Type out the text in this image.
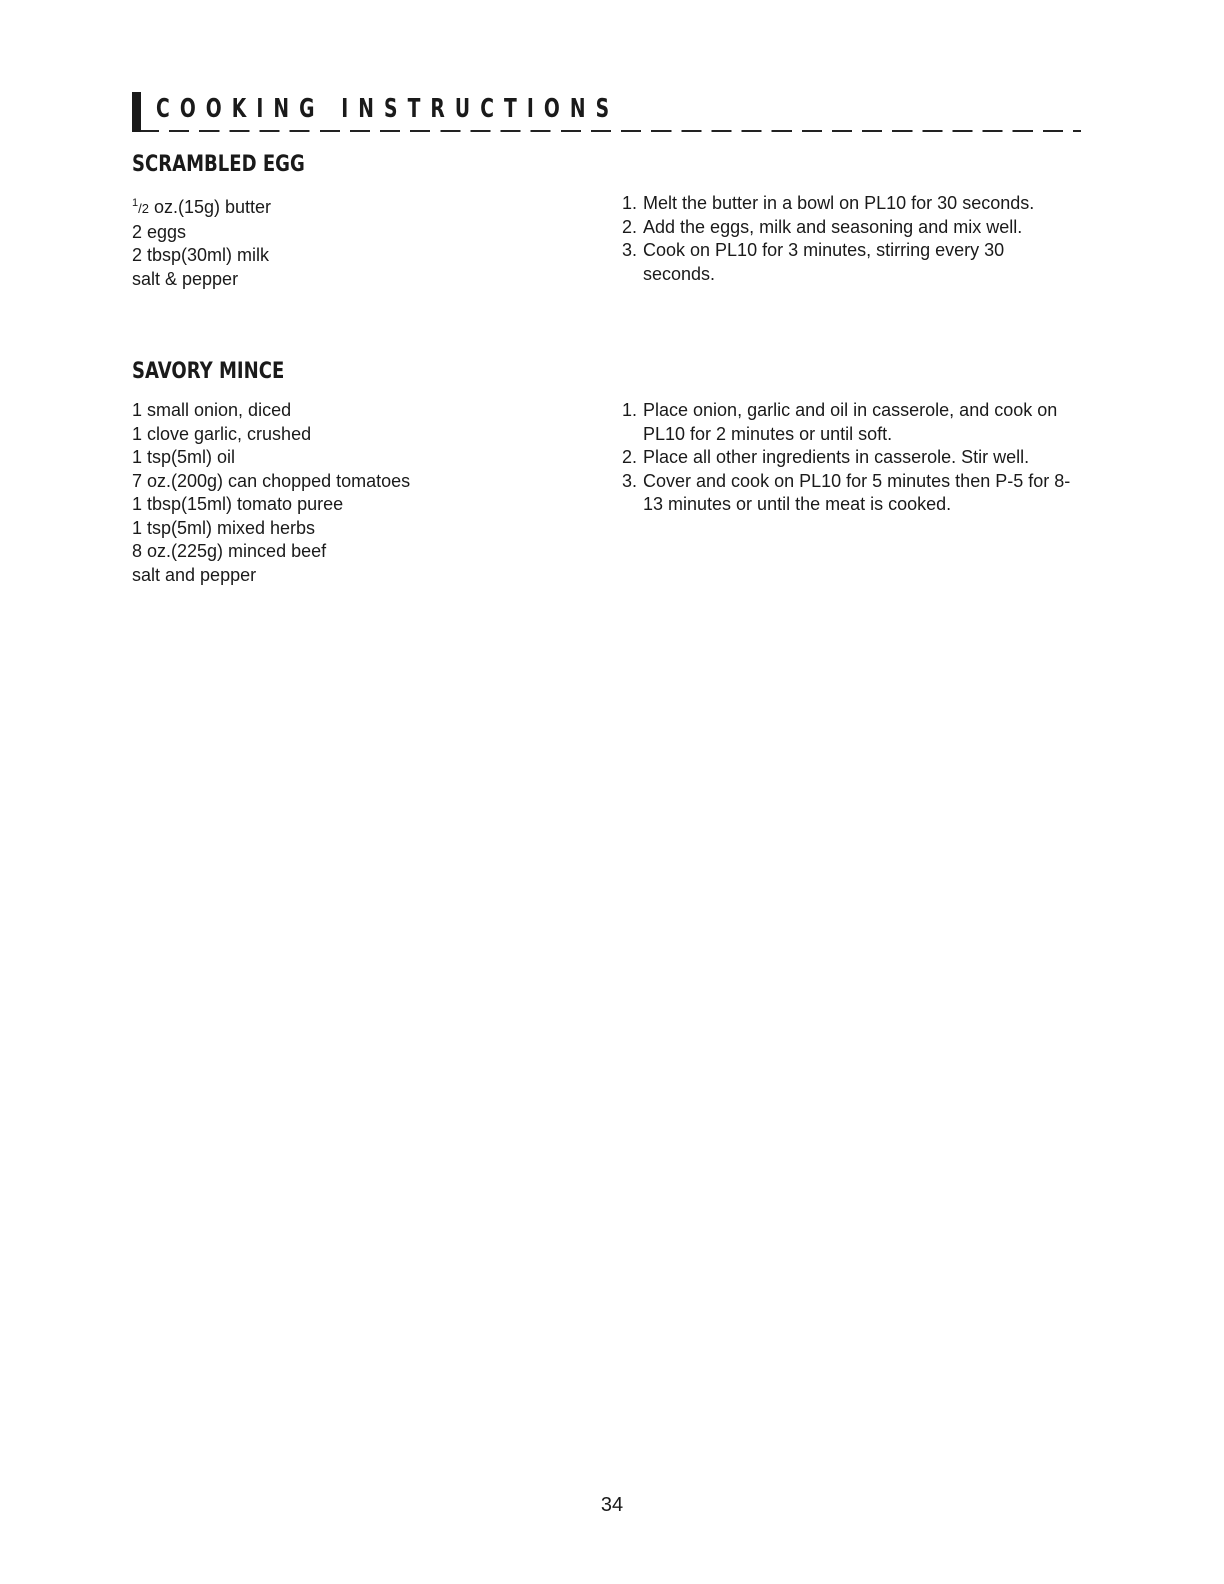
COOKING INSTRUCTIONS
SCRAMBLED EGG
$^1$/2 oz.(15g) butter
2 eggs
2 tbsp(30ml) milk
salt & pepper
1. Melt the butter in a bowl on PL10 for 30 seconds.
2. Add the eggs, milk and seasoning and mix well.
3. Cook on PL10 for 3 minutes, stirring every 30 seconds.
SAVORY MINCE
1 small onion, diced
1 clove garlic, crushed
1 tsp(5ml) oil
7 oz.(200g) can chopped tomatoes
1 tbsp(15ml) tomato puree
1 tsp(5ml) mixed herbs
8 oz.(225g) minced beef
salt and pepper
1. Place onion, garlic and oil in casserole, and cook on PL10 for 2 minutes or until soft.
2. Place all other ingredients in casserole. Stir well.
3. Cover and cook on PL10 for 5 minutes then P-5 for 8-13 minutes or until the meat is cooked.
34
